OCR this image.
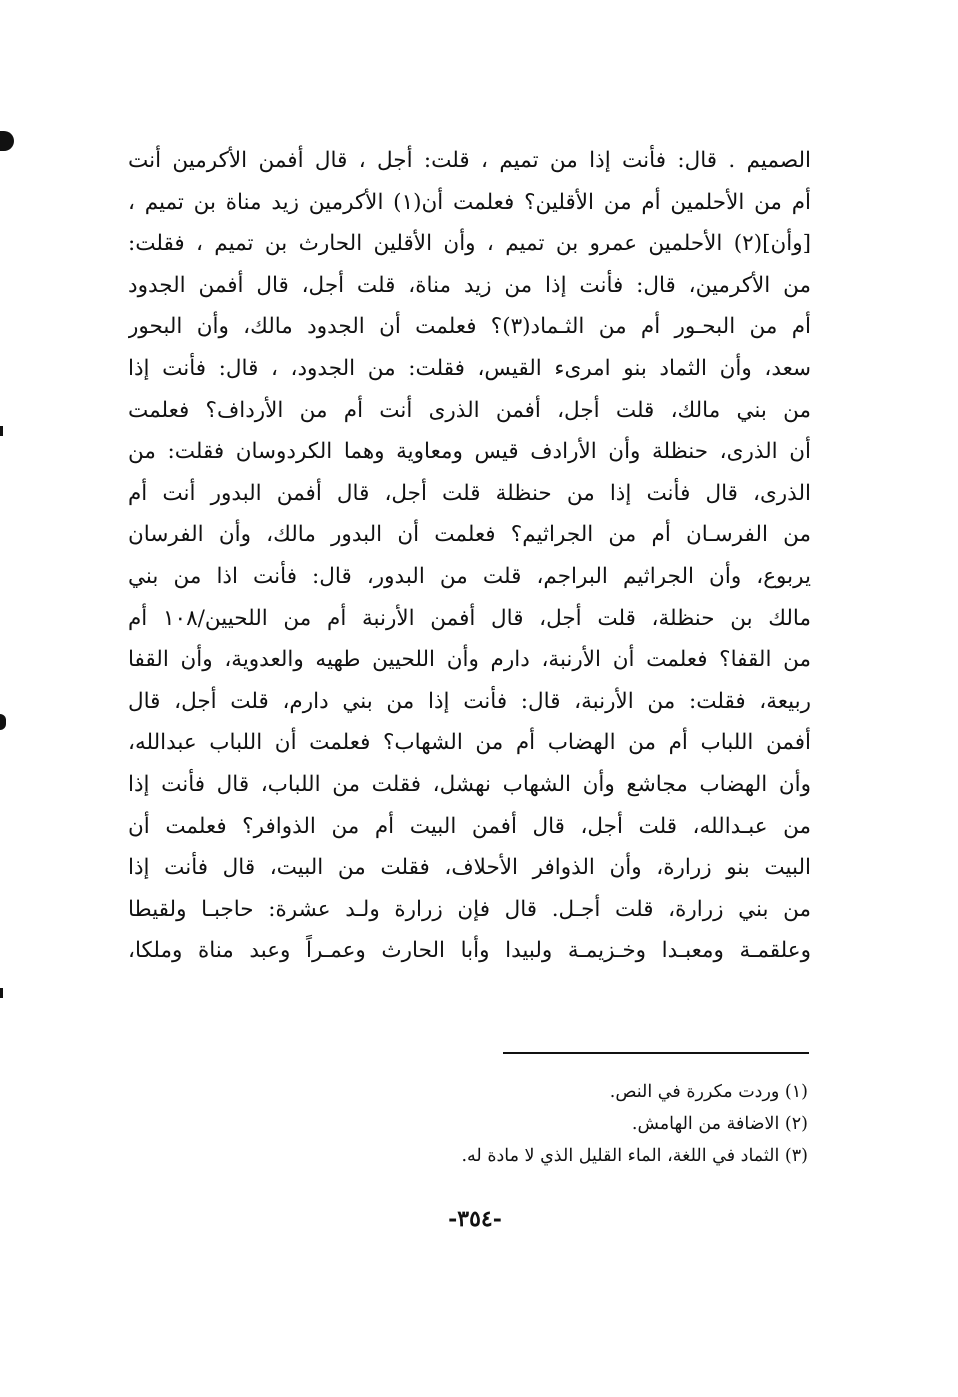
الصميم . قال: فأنت إذا من تميم ، قلت: أجل ، قال أفمن الأكرمين أنت
أم من الأحلمين أم من الأقلين؟ فعلمت أن(١) الأكرمين زيد مناة بن تميم ،
[وأن](٢) الأحلمين عمرو بن تميم ، وأن الأقلين الحارث بن تميم ، فقلت:
من الأكرمين، قال: فأنت إذا من زيد مناة، قلت أجل، قال أفمن الجدود
أم من البحـور أم من الثـماد(٣)؟ فعلمت أن الجدود مالك، وأن البحور
سعد، وأن الثماد بنو امرىء القيس، فقلت: من الجدود، ، قال: فأنت إذا
من بني مالك، قلت أجل، أفمن الذرى أنت أم من الأرداف؟ فعلمت
أن الذرى، حنظلة وأن الأرادف قيس ومعاوية وهما الكردوسان فقلت: من
الذرى، قال فأنت إذا من حنظلة قلت أجل، قال أفمن البدور أنت أم
من الفرسـان أم من الجراثيم؟ فعلمت أن البدور مالك، وأن الفرسان
يربوع، وأن الجراثيم البراجم، قلت من البدور، قال: فأنت اذا من بني
مالك بن حنظلة، قلت أجل، قال أفمن الأرنبة أم من اللحيين/١٠٨ أم
من القفا؟ فعلمت أن الأرنبة، دارم وأن اللحيين طهيه والعدوية، وأن القفا
ربيعة، فقلت: من الأرنبة، قال: فأنت إذا من بني دارم، قلت أجل، قال
أفمن اللباب أم من الهضاب أم من الشهاب؟ فعلمت أن اللباب عبدالله،
وأن الهضاب مجاشع وأن الشهاب نهشل، فقلت من اللباب، قال فأنت إذا
من عبـدالله، قلت أجل، قال أفمن البيت أم من الذوافر؟ فعلمت أن
البيت بنو زرارة، وأن الذوافر الأحلاف، فقلت من البيت، قال فأنت إذا
من بني زرارة، قلت أجـل. قال فإن زرارة ولـد عشرة: حاجبـا ولقيطا
وعلقمـة ومعبـدا وخـزيمـة ولبيدا وأبا الحارث وعمـراً وعبد مناة وملكا،
(١) وردت مكررة في النص.
(٢) الاضافة من الهامش.
(٣) الثماد في اللغة، الماء القليل الذي لا مادة له.
-٣٥٤-
